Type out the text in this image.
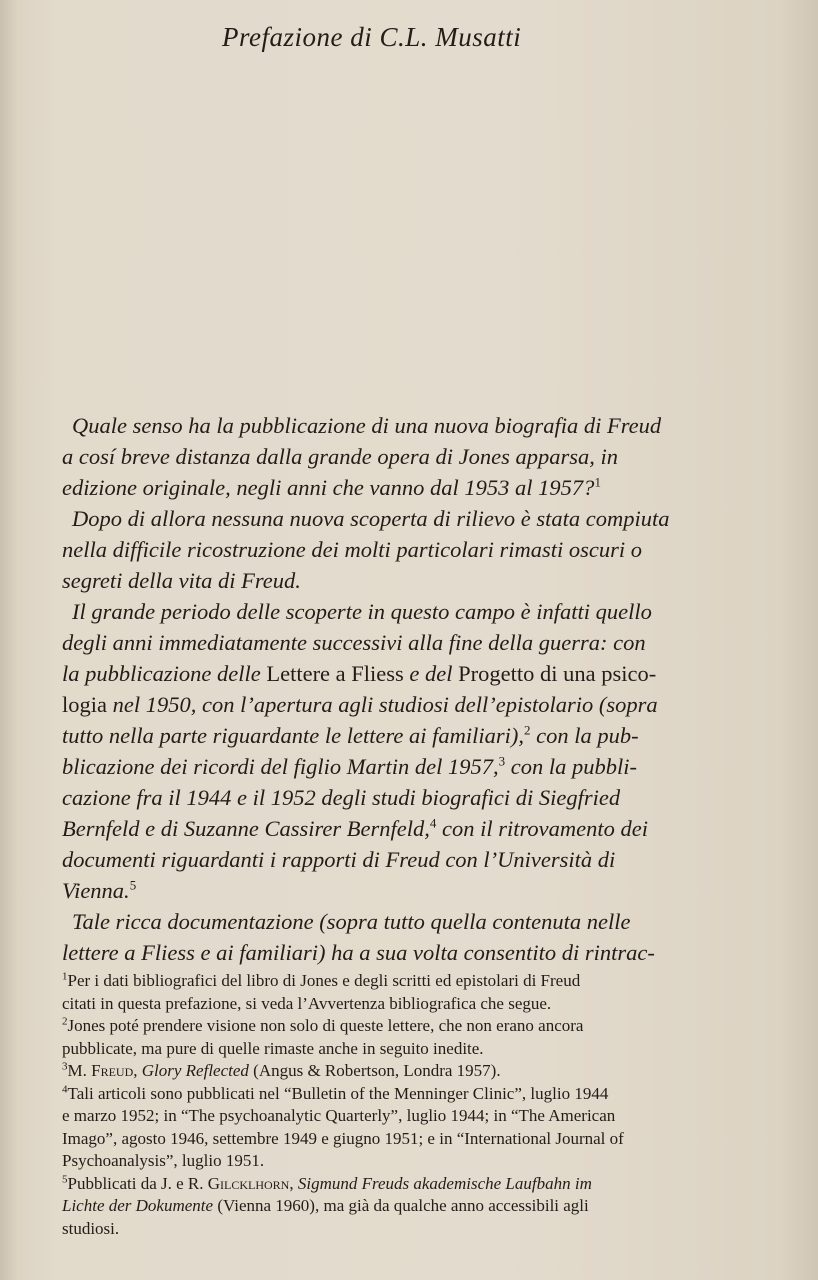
Prefazione di C.L. Musatti
Quale senso ha la pubblicazione di una nuova biografia di Freud
a cosí breve distanza dalla grande opera di Jones apparsa, in
edizione originale, negli anni che vanno dal 1953 al 1957?$^1$
Dopo di allora nessuna nuova scoperta di rilievo è stata compiuta
nella difficile ricostruzione dei molti particolari rimasti oscuri o
segreti della vita di Freud.
Il grande periodo delle scoperte in questo campo è infatti quello
degli anni immediatamente successivi alla fine della guerra: con
la pubblicazione delle Lettere a Fliess e del Progetto di una psico-
logia nel 1950, con l’apertura agli studiosi dell’epistolario (sopra
tutto nella parte riguardante le lettere ai familiari),$^2$ con la pub-
blicazione dei ricordi del figlio Martin del 1957,$^3$ con la pubbli-
cazione fra il 1944 e il 1952 degli studi biografici di Siegfried
Bernfeld e di Suzanne Cassirer Bernfeld,$^4$ con il ritrovamento dei
documenti riguardanti i rapporti di Freud con l’Università di
Vienna.$^5$
Tale ricca documentazione (sopra tutto quella contenuta nelle
lettere a Fliess e ai familiari) ha a sua volta consentito di rintrac-
$^1$Per i dati bibliografici del libro di Jones e degli scritti ed epistolari di Freud
citati in questa prefazione, si veda l’Avvertenza bibliografica che segue.
$^2$Jones poté prendere visione non solo di queste lettere, che non erano ancora
pubblicate, ma pure di quelle rimaste anche in seguito inedite.
$^3$M. Freud, Glory Reflected (Angus & Robertson, Londra 1957).
$^4$Tali articoli sono pubblicati nel “Bulletin of the Menninger Clinic”, luglio 1944
e marzo 1952; in “The psychoanalytic Quarterly”, luglio 1944; in “The American
Imago”, agosto 1946, settembre 1949 e giugno 1951; e in “International Journal of
Psychoanalysis”, luglio 1951.
$^5$Pubblicati da J. e R. Gilcklhorn, Sigmund Freuds akademische Laufbahn im
Lichte der Dokumente (Vienna 1960), ma già da qualche anno accessibili agli
studiosi.
